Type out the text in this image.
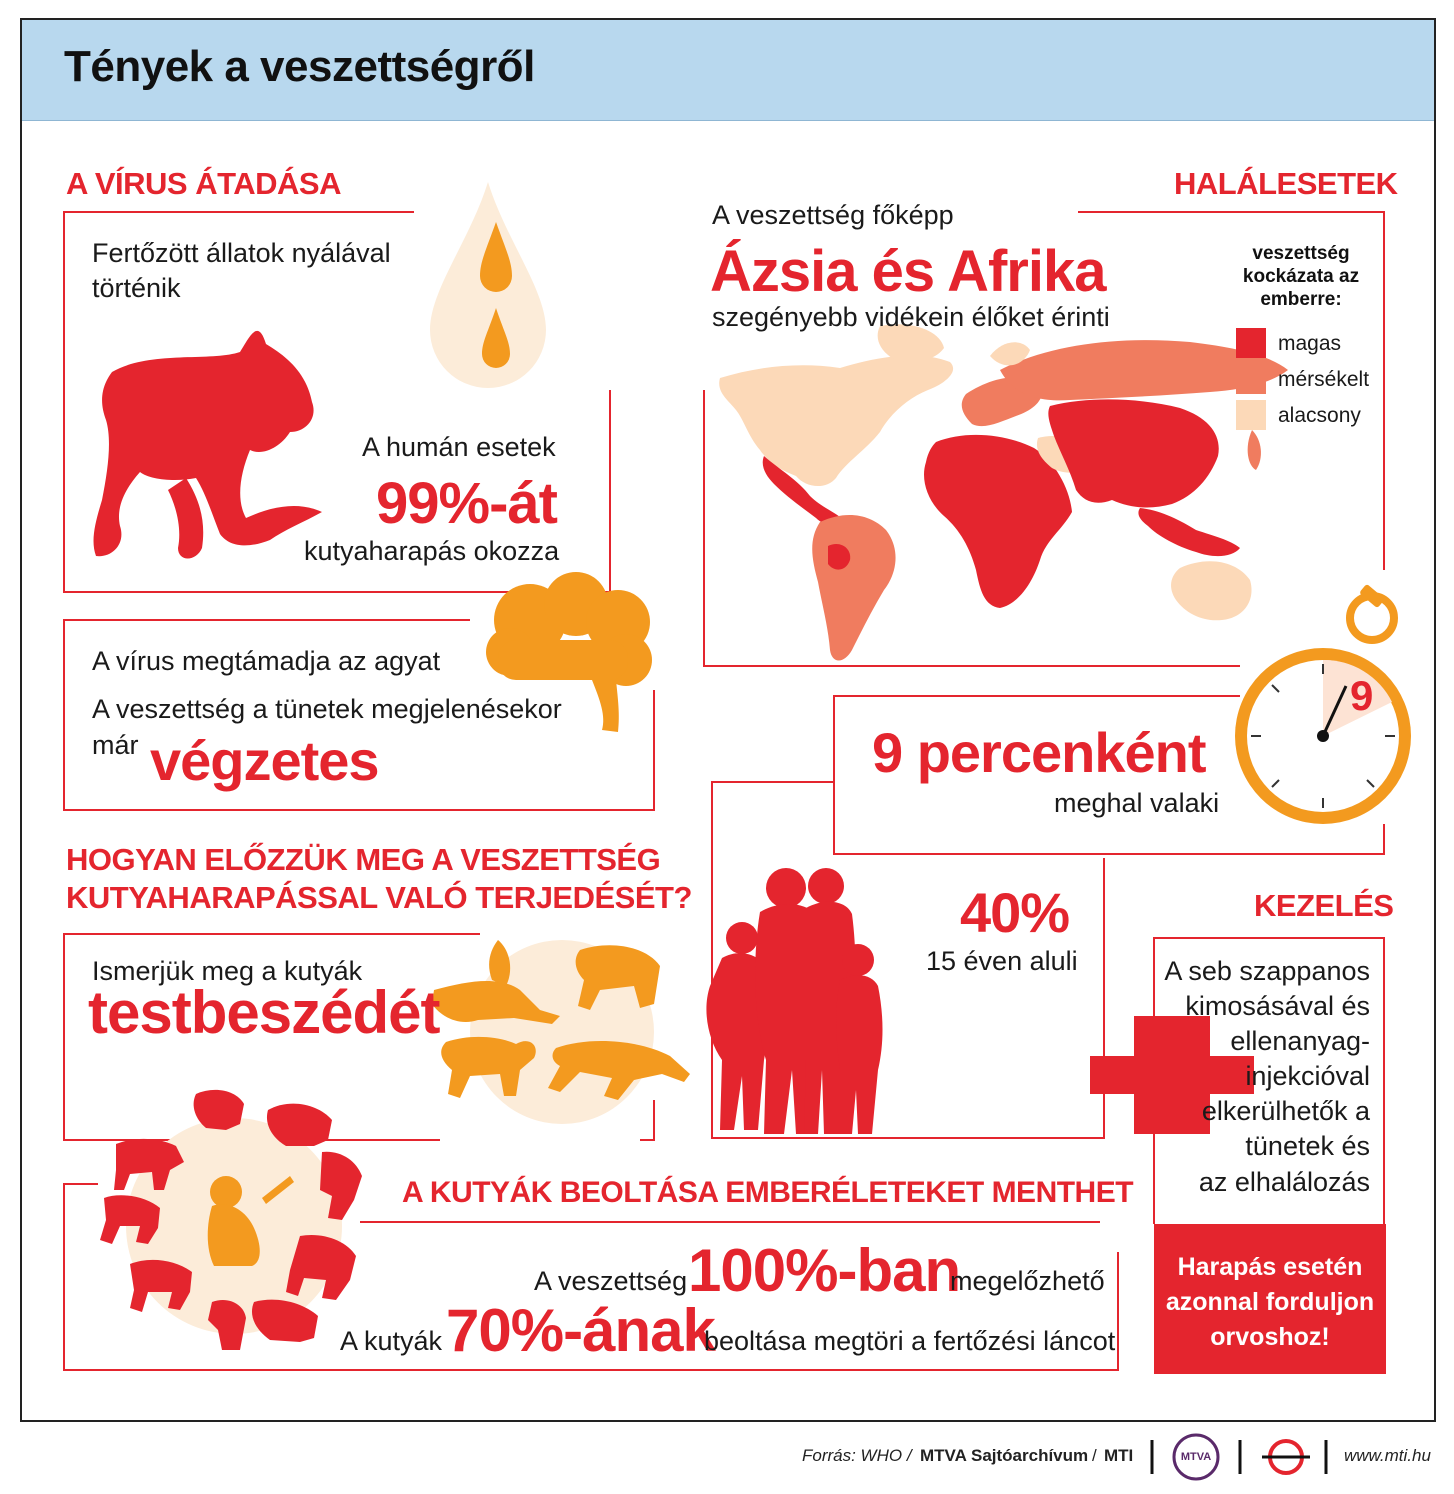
Tények a veszettségről
A VÍRUS ÁTADÁSA
Fertőzött állatok nyálával történik
A humán esetek
99%-át
kutyaharapás okozza
A vírus megtámadja az agyat
A veszettség a tünetek megjelenésekor
már végzetes
HALÁLESETEK
A veszettség főképp
Ázsia és Afrika
szegényebb vidékein élőket érinti
veszettség kockázata az emberre:
magas
mérsékelt
alacsony
9
9 percenként
meghal valaki
40%
15 éven aluli
HOGYAN ELŐZZÜK MEG A VESZETTSÉG
KUTYAHARAPÁSSAL VALÓ TERJEDÉSÉT?
Ismerjük meg a kutyák
testbeszédét
KEZELÉS
A seb szappanos
kimosásával és
ellenanyag-
injekcióval
elkerülhetők a
tünetek és
az elhalálozás
Harapás esetén
azonnal forduljon
orvoshoz!
A KUTYÁK BEOLTÁSA EMBERÉLETEKET MENTHET
A veszettség 100%-ban
megelőzhető
A kutyák 70%-ának
beoltása megtöri a fertőzési láncot
Forrás: WHO / MTVA Sajtóarchívum / MTI	MTVA	www.mti.hu
